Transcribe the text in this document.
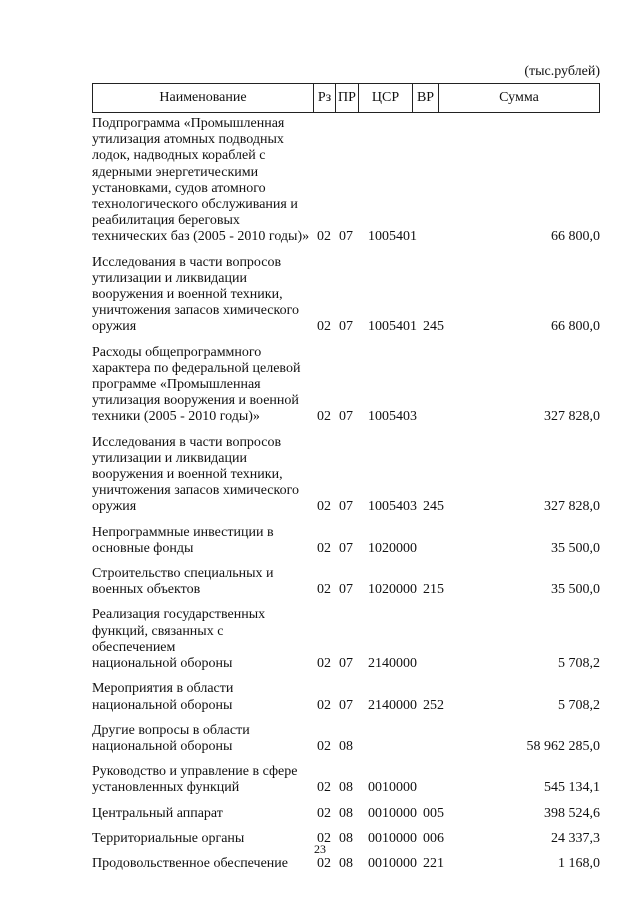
(тыс.рублей)
Наименование	Рз ПР	ЦСР	ВР	Сумма
Подпрограмма «Промышленная
утилизация атомных подводных
лодок, надводных кораблей с
ядерными энергетическими
установками, судов атомного
технологического обслуживания и
реабилитация береговых
технических баз (2005 - 2010 годы)» 02 07 1005401	66 800,0
Исследования в части вопросов
утилизации и ликвидации
вооружения и военной техники,
уничтожения запасов химического
оружия	02 07 1005401 245	66 800,0
Расходы общепрограммного
характера по федеральной целевой
программе «Промышленная
утилизация вооружения и военной
техники (2005 - 2010 годы)»	02 07 1005403	327 828,0
Исследования в части вопросов
утилизации и ликвидации
вооружения и военной техники,
уничтожения запасов химического
оружия	02 07 1005403 245	327 828,0
Непрограммные инвестиции в
основные фонды	02 07 1020000	35 500,0
Строительство специальных и
военных объектов	02 07 1020000 215	35 500,0
Реализация государственных
функций, связанных с обеспечением
национальной обороны	02 07 2140000	5 708,2
Мероприятия в области
национальной обороны	02 07 2140000 252	5 708,2
Другие вопросы в области
национальной обороны	02 08	58 962 285,0
Руководство и управление в сфере
установленных функций	02 08 0010000	545 134,1
Центральный аппарат	02 08 0010000 005	398 524,6
Территориальные органы	02 08 0010000 006	24 337,3
Продовольственное обеспечение	02 08 0010000 221	1 168,0
23
